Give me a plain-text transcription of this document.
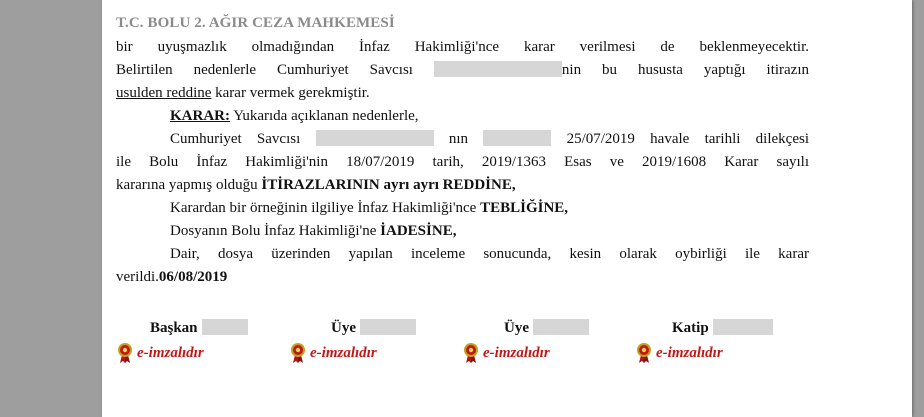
T.C. BOLU 2. AĞIR CEZA MAHKEMESİ
bir uyuşmazlık olmadığından İnfaz Hakimliği'nce karar verilmesi de beklenmeyecektir.
Belirtilen nedenlerle Cumhuriyet Savcısı	nin bu hususta yaptığı itirazın
usulden reddine karar vermek gerekmiştir.
KARAR: Yukarıda açıklanan nedenlerle,
Cumhuriyet Savcısı	nın	25/07/2019 havale tarihli dilekçesi
ile Bolu İnfaz Hakimliği'nin 18/07/2019 tarih, 2019/1363 Esas ve 2019/1608 Karar sayılı
kararına yapmış olduğu İTİRAZLARININ ayrı ayrı REDDİNE,
Karardan bir örneğinin ilgiliye İnfaz Hakimliği'nce TEBLİĞİNE,
Dosyanın Bolu İnfaz Hakimliği'ne İADESİNE,
Dair, dosya üzerinden yapılan inceleme sonucunda, kesin olarak oybirliği ile karar
verildi.06/08/2019
Başkan
e-imzalıdır
Üye
e-imzalıdır
Üye
e-imzalıdır
Katip
e-imzalıdır
